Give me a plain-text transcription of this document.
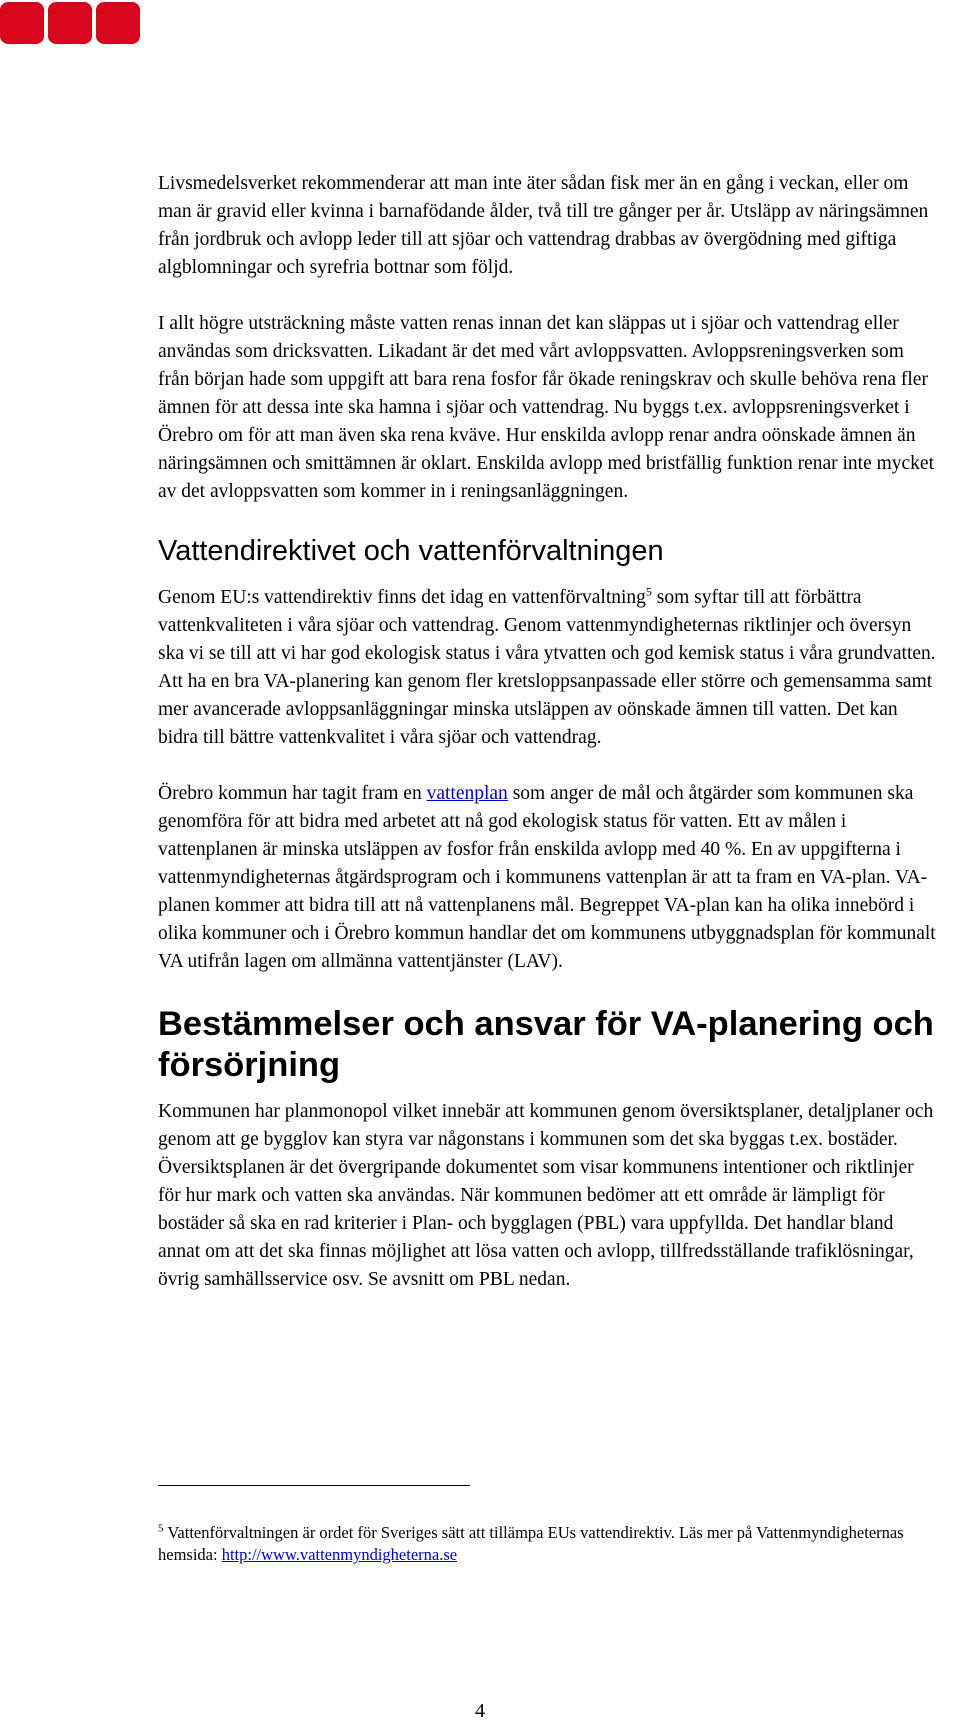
Livsmedelsverket rekommenderar att man inte äter sådan fisk mer än en gång i veckan, eller om man är gravid eller kvinna i barnafödande ålder, två till tre gånger per år. Utsläpp av näringsämnen från jordbruk och avlopp leder till att sjöar och vattendrag drabbas av övergödning med giftiga algblomningar och syrefria bottnar som följd.

I allt högre utsträckning måste vatten renas innan det kan släppas ut i sjöar och vattendrag eller användas som dricksvatten. Likadant är det med vårt avloppsvatten. Avloppsreningsverken som från början hade som uppgift att bara rena fosfor får ökade reningskrav och skulle behöva rena fler ämnen för att dessa inte ska hamna i sjöar och vattendrag. Nu byggs t.ex. avloppsreningsverket i Örebro om för att man även ska rena kväve. Hur enskilda avlopp renar andra oönskade ämnen än näringsämnen och smittämnen är oklart. Enskilda avlopp med bristfällig funktion renar inte mycket av det avloppsvatten som kommer in i reningsanläggningen.

Vattendirektivet och vattenförvaltningen

Genom EU:s vattendirektiv finns det idag en vattenförvaltning$^5$ som syftar till att förbättra vattenkvaliteten i våra sjöar och vattendrag. Genom vattenmyndigheternas riktlinjer och översyn ska vi se till att vi har god ekologisk status i våra ytvatten och god kemisk status i våra grundvatten. Att ha en bra VA-planering kan genom fler kretsloppsanpassade eller större och gemensamma samt mer avancerade avloppsanläggningar minska utsläppen av oönskade ämnen till vatten. Det kan bidra till bättre vattenkvalitet i våra sjöar och vattendrag.

Örebro kommun har tagit fram en vattenplan som anger de mål och åtgärder som kommunen ska genomföra för att bidra med arbetet att nå god ekologisk status för vatten. Ett av målen i vattenplanen är minska utsläppen av fosfor från enskilda avlopp med 40 %. En av uppgifterna i vattenmyndigheternas åtgärdsprogram och i kommunens vattenplan är att ta fram en VA-plan. VA-planen kommer att bidra till att nå vattenplanens mål. Begreppet VA-plan kan ha olika innebörd i olika kommuner och i Örebro kommun handlar det om kommunens utbyggnadsplan för kommunalt VA utifrån lagen om allmänna vattentjänster (LAV).

Bestämmelser och ansvar för VA-planering och försörjning

Kommunen har planmonopol vilket innebär att kommunen genom översiktsplaner, detaljplaner och genom att ge bygglov kan styra var någonstans i kommunen som det ska byggas t.ex. bostäder. Översiktsplanen är det övergripande dokumentet som visar kommunens intentioner och riktlinjer för hur mark och vatten ska användas. När kommunen bedömer att ett område är lämpligt för bostäder så ska en rad kriterier i Plan- och bygglagen (PBL) vara uppfyllda. Det handlar bland annat om att det ska finnas möjlighet att lösa vatten och avlopp, tillfredsställande trafiklösningar, övrig samhällsservice osv. Se avsnitt om PBL nedan.

$^5$ Vattenförvaltningen är ordet för Sveriges sätt att tillämpa EUs vattendirektiv. Läs mer på Vattenmyndigheternas hemsida: http://www.vattenmyndigheterna.se
4
